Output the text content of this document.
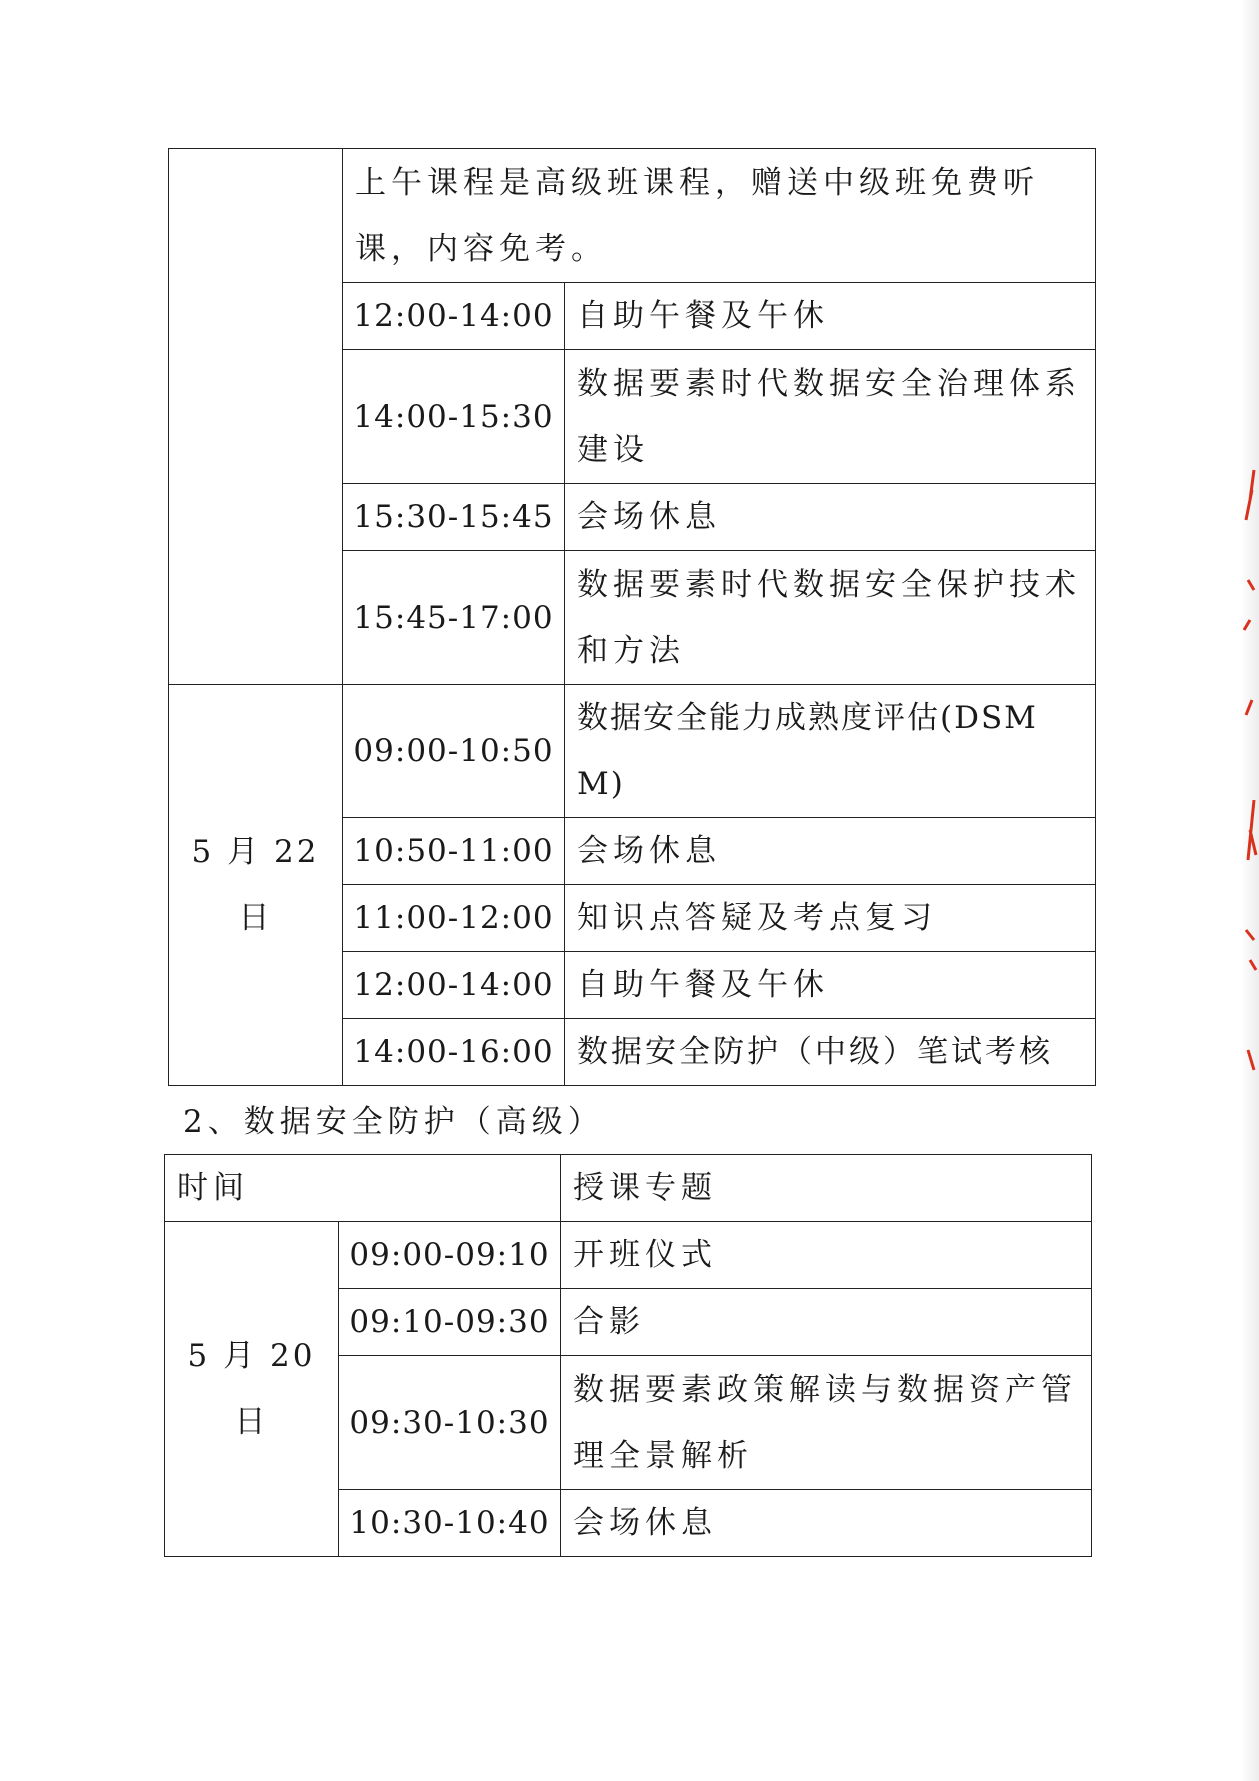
	上午课程是高级班课程，赠送中级班免费听课，内容免考。	
	12:00-14:00	自助午餐及午休
	14:00-15:30	数据要素时代数据安全治理体系建设
	15:30-15:45	会场休息
	15:45-17:00	数据要素时代数据安全保护技术和方法
5 月 22 日	09:00-10:50	数据安全能力成熟度评估(DSMM)
	10:50-11:00	会场休息
	11:00-12:00	知识点答疑及考点复习
	12:00-14:00	自助午餐及午休
	14:00-16:00	数据安全防护（中级）笔试考核
2、数据安全防护（高级）
时间		授课专题
5 月 20 日	09:00-09:10	开班仪式
	09:10-09:30	合影
	09:30-10:30	数据要素政策解读与数据资产管理全景解析
	10:30-10:40	会场休息
